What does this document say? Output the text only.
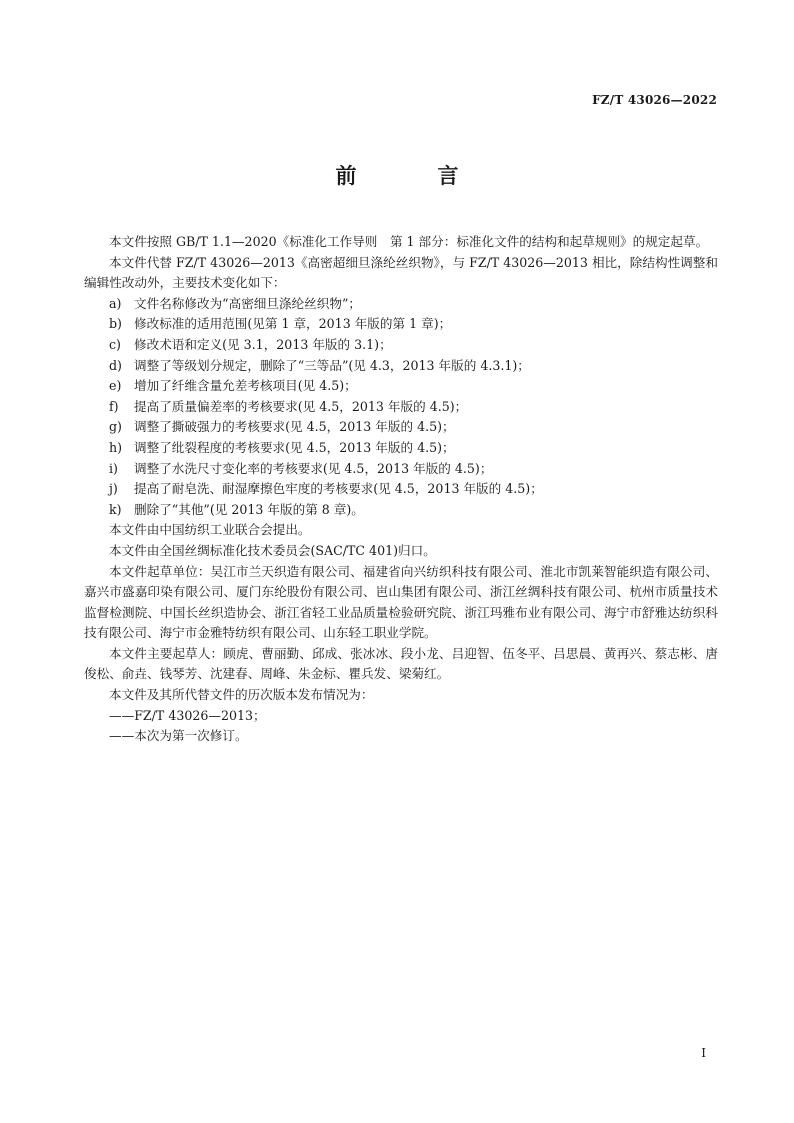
FZ/T 43026—2022
前　言

本文件按照 GB/T 1.1—2020《标准化工作导则　第 1 部分：标准化文件的结构和起草规则》的规定起草。

本文件代替 FZ/T 43026—2013《高密超细旦涤纶丝织物》，与 FZ/T 43026—2013 相比，除结构性调整和编辑性改动外，主要技术变化如下：

a) 文件名称修改为“高密细旦涤纶丝织物”；
b) 修改标准的适用范围(见第 1 章，2013 年版的第 1 章)；
c)	修改术语和定义(见 3.1，2013 年版的 3.1)；
d) 调整了等级划分规定，删除了“三等品”(见 4.3，2013 年版的 4.3.1)；
e)	增加了纤维含量允差考核项目(见 4.5)；
f)	提高了质量偏差率的考核要求(见 4.5，2013 年版的 4.5)；
g) 调整了撕破强力的考核要求(见 4.5，2013 年版的 4.5)；
h) 调整了纰裂程度的考核要求(见 4.5，2013 年版的 4.5)；
i)	调整了水洗尺寸变化率的考核要求(见 4.5，2013 年版的 4.5)；
j)	提高了耐皂洗、耐湿摩擦色牢度的考核要求(见 4.5，2013 年版的 4.5)；
k) 删除了“其他”(见 2013 年版的第 8 章)。

本文件由中国纺织工业联合会提出。

本文件由全国丝绸标准化技术委员会(SAC/TC 401)归口。

本文件起草单位：吴江市兰天织造有限公司、福建省向兴纺织科技有限公司、淮北市凯莱智能织造有限公司、嘉兴市盛嘉印染有限公司、厦门东纶股份有限公司、岜山集团有限公司、浙江丝绸科技有限公司、杭州市质量技术监督检测院、中国长丝织造协会、浙江省轻工业品质量检验研究院、浙江玛雅布业有限公司、海宁市舒雅达纺织科技有限公司、海宁市金雅特纺织有限公司、山东轻工职业学院。

本文件主要起草人：顾虎、曹丽勤、邱成、张冰冰、段小龙、吕迎智、伍冬平、吕思晨、黄再兴、蔡志彬、唐俊松、俞垚、钱琴芳、沈建春、周峰、朱金标、瞿兵发、梁菊红。

本文件及其所代替文件的历次版本发布情况为：

——FZ/T 43026—2013；

——本次为第一次修订。

I
